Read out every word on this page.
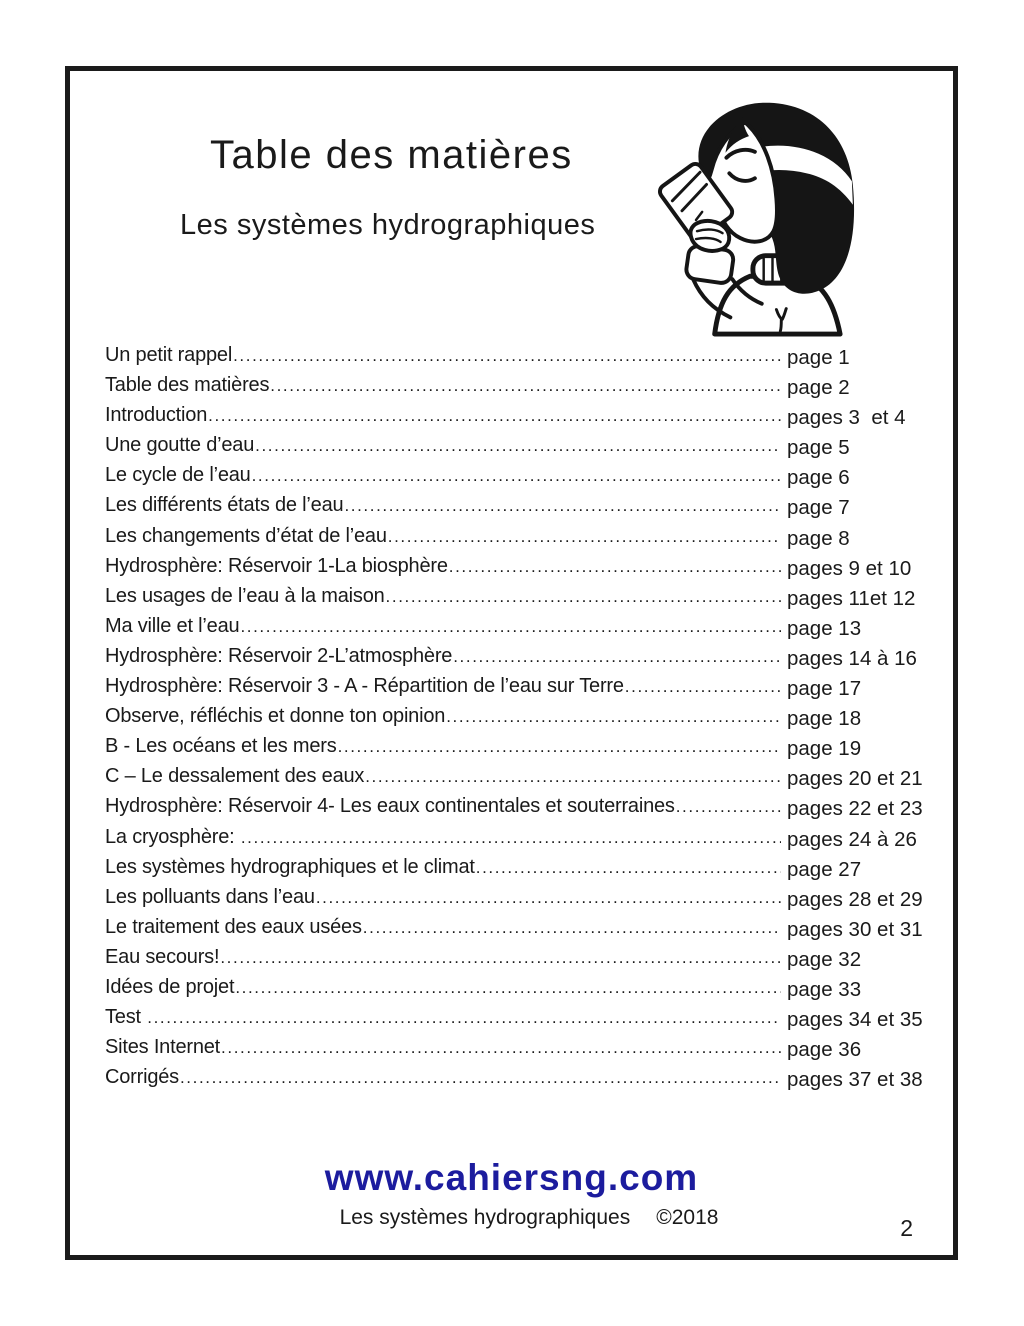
Table des matières
Les systèmes hydrographiques
Un petit rappel .....	page 1
Table des matières .....	page 2
Introduction .....	pages 3  et 4
Une goutte d’eau .....	page 5
Le cycle de l’eau .....	page 6
Les différents états de l’eau .....	page 7
Les changements d’état de l’eau .....	page 8
Hydrosphère: Réservoir 1-La biosphère .....	pages 9 et 10
Les usages de l’eau à la maison .....	pages 11et 12
Ma ville et l’eau .....	page 13
Hydrosphère: Réservoir 2-L’atmosphère .....	pages 14 à 16
Hydrosphère: Réservoir 3 - A - Répartition de l’eau sur Terre .....	page 17
Observe, réfléchis et donne ton opinion .....	page 18
B - Les océans et les mers .....	page 19
C – Le dessalement des eaux .....	pages 20 et 21
Hydrosphère: Réservoir 4- Les eaux continentales et souterraines .....	pages 22 et 23
La cryosphère: .....	pages 24 à 26
Les systèmes hydrographiques et le climat .....	page 27
Les polluants dans l’eau .....	pages 28 et 29
Le traitement des eaux usées .....	pages 30 et 31
Eau secours! .....	page 32
Idées de projet .....	page 33
Test .....	pages 34 et 35
Sites Internet .....	page 36
Corrigés .....	pages 37 et 38
www.cahiersng.com

Les systèmes hydrographiques ©2018
	2
